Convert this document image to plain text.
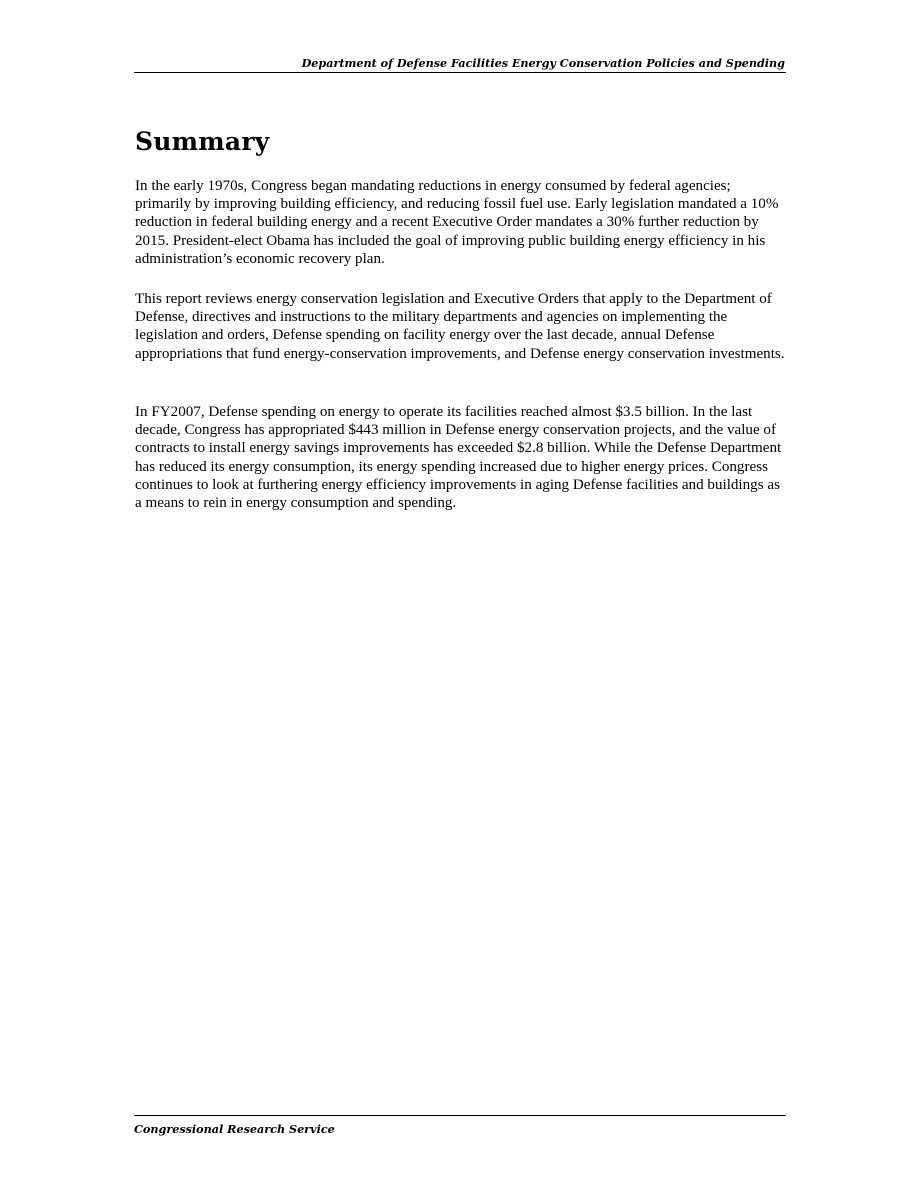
Department of Defense Facilities Energy Conservation Policies and Spending
Summary

In the early 1970s, Congress began mandating reductions in energy consumed by federal agencies; primarily by improving building efficiency, and reducing fossil fuel use. Early legislation mandated a 10% reduction in federal building energy and a recent Executive Order mandates a 30% further reduction by 2015. President-elect Obama has included the goal of improving public building energy efficiency in his administration’s economic recovery plan.

This report reviews energy conservation legislation and Executive Orders that apply to the Department of Defense, directives and instructions to the military departments and agencies on implementing the legislation and orders, Defense spending on facility energy over the last decade, annual Defense appropriations that fund energy-conservation improvements, and Defense energy conservation investments.

In FY2007, Defense spending on energy to operate its facilities reached almost $3.5 billion. In the last decade, Congress has appropriated $443 million in Defense energy conservation projects, and the value of contracts to install energy savings improvements has exceeded $2.8 billion. While the Defense Department has reduced its energy consumption, its energy spending increased due to higher energy prices. Congress continues to look at furthering energy efficiency improvements in aging Defense facilities and buildings as a means to rein in energy consumption and spending.

Congressional Research Service
